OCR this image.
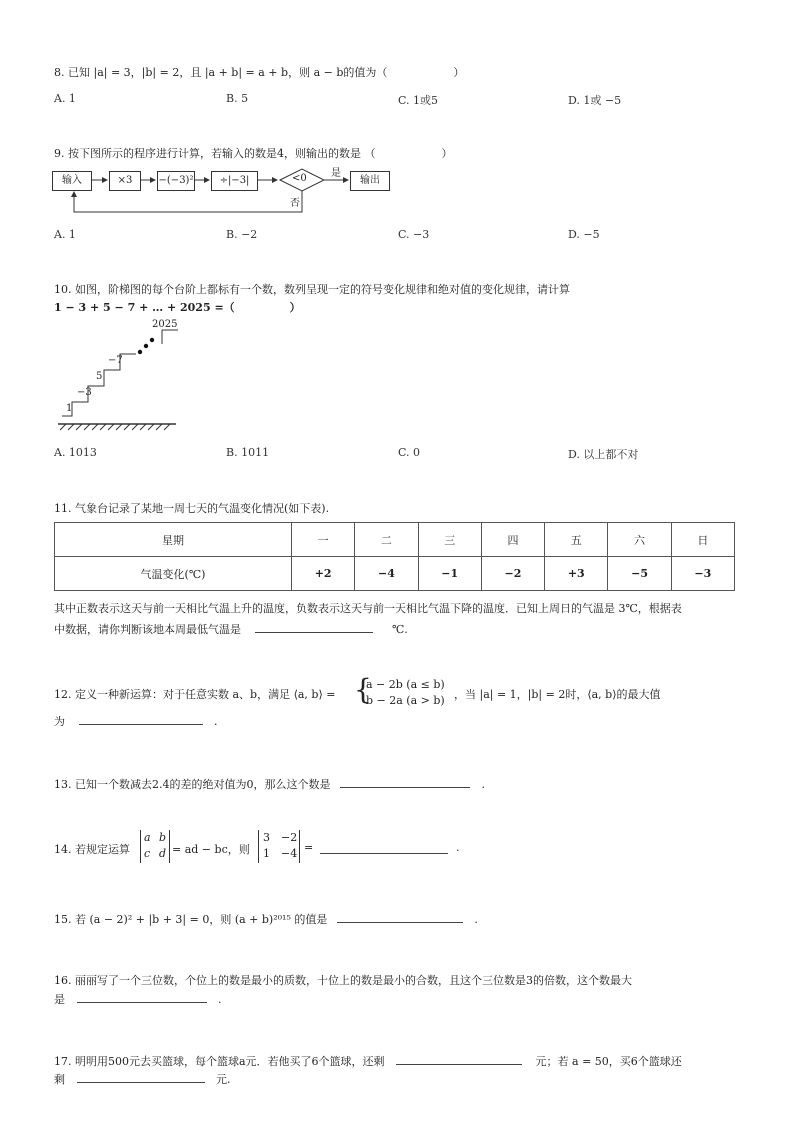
8. 已知 |a| = 3，|b| = 2，且 |a + b| = a + b，则 a − b的值为（　　　　　　）
A. 1	B. 5	C. 1或5	D. 1或 −5
9. 按下图所示的程序进行计算，若输入的数是4，则输出的数是 （　　　　　　）
输入	×3	−(−3)²	÷|−3|	<0 是
否
输出
A. 1	B. −2	C. −3	D. −5
10. 如图，阶梯图的每个台阶上都标有一个数，数列呈现一定的符号变化规律和绝对值的变化规律，请计算
1 − 3 + 5 − 7 + … + 2025 =（　　　　　）
1
−3
5
−7
2025
A. 1013	B. 1011	C. 0	D. 以上都不对
11. 气象台记录了某地一周七天的气温变化情况(如下表).
星期	一	二	三	四	五	六	日
气温变化(℃)	+2	−4	−1	−2	+3	−5	−3
其中正数表示这天与前一天相比气温上升的温度，负数表示这天与前一天相比气温下降的温度．已知上周日的气温是 3℃，根据表
中数据，请你判断该地本周最低气温是	℃.
12. 定义一种新运算：对于任意实数 a、b，满足 ⟨a, b⟩ = {
a − 2b (a ≤ b)
b − 2a (a > b) ，当 |a| = 1，|b| = 2时，⟨a, b⟩的最大值
为	.
13. 已知一个数减去2.4的差的绝对值为0，那么这个数是	.
14. 若规定运算
a b
c d = ad − bc，则
3 −2
1 −4 =	.
15. 若 (a − 2)² + |b + 3| = 0，则 (a + b)²⁰¹⁵ 的值是	.
16. 丽丽写了一个三位数，个位上的数是最小的质数，十位上的数是最小的合数，且这个三位数是3的倍数，这个数最大
是	.
17. 明明用500元去买篮球，每个篮球a元．若他买了6个篮球，还剩	元；若 a = 50，买6个篮球还
剩	元.
